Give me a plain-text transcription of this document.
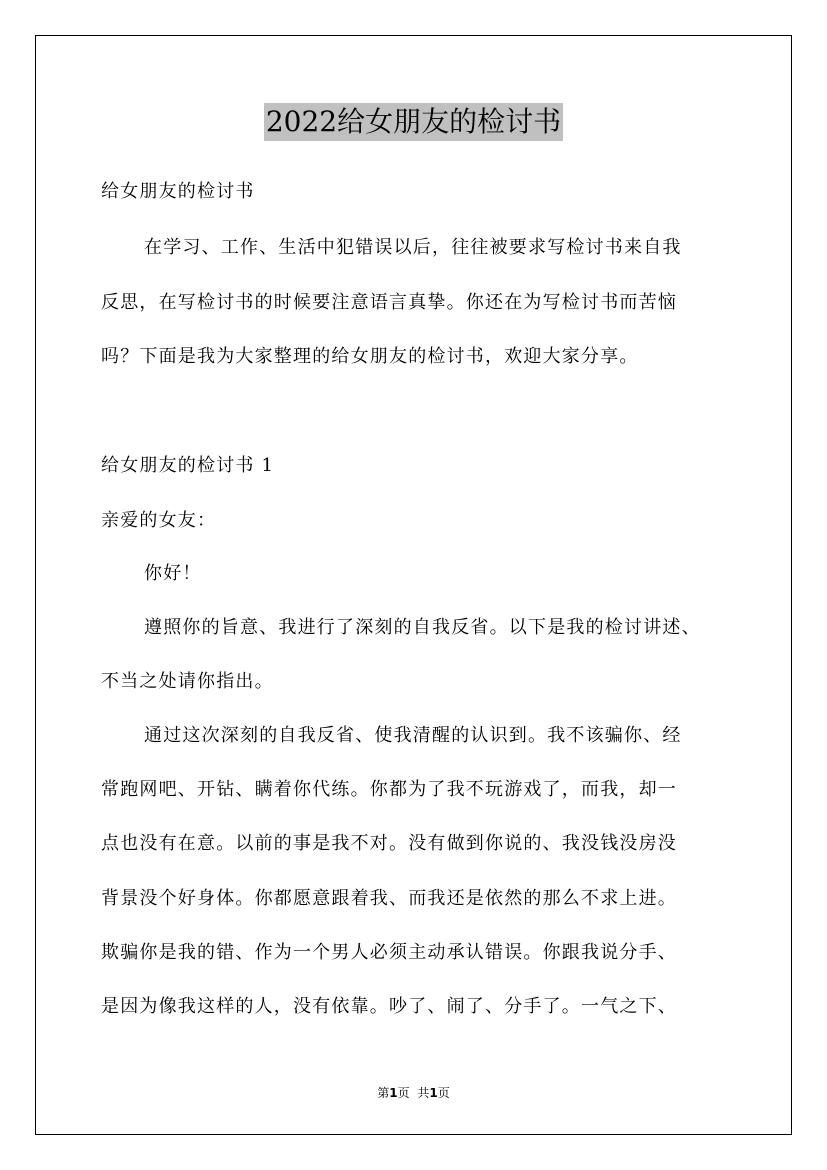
2022给女朋友的检讨书
给女朋友的检讨书
在学习、工作、生活中犯错误以后，往往被要求写检讨书来自我
反思，在写检讨书的时候要注意语言真挚。你还在为写检讨书而苦恼
吗？下面是我为大家整理的给女朋友的检讨书，欢迎大家分享。
给女朋友的检讨书 1
亲爱的女友：
你好！
遵照你的旨意、我进行了深刻的自我反省。以下是我的检讨讲述、
不当之处请你指出。
通过这次深刻的自我反省、使我清醒的认识到。我不该骗你、经
常跑网吧、开钻、瞒着你代练。你都为了我不玩游戏了，而我，却一
点也没有在意。以前的事是我不对。没有做到你说的、我没钱没房没
背景没个好身体。你都愿意跟着我、而我还是依然的那么不求上进。
欺骗你是我的错、作为一个男人必须主动承认错误。你跟我说分手、
是因为像我这样的人，没有依靠。吵了、闹了、分手了。一气之下、
第1页 共1页
